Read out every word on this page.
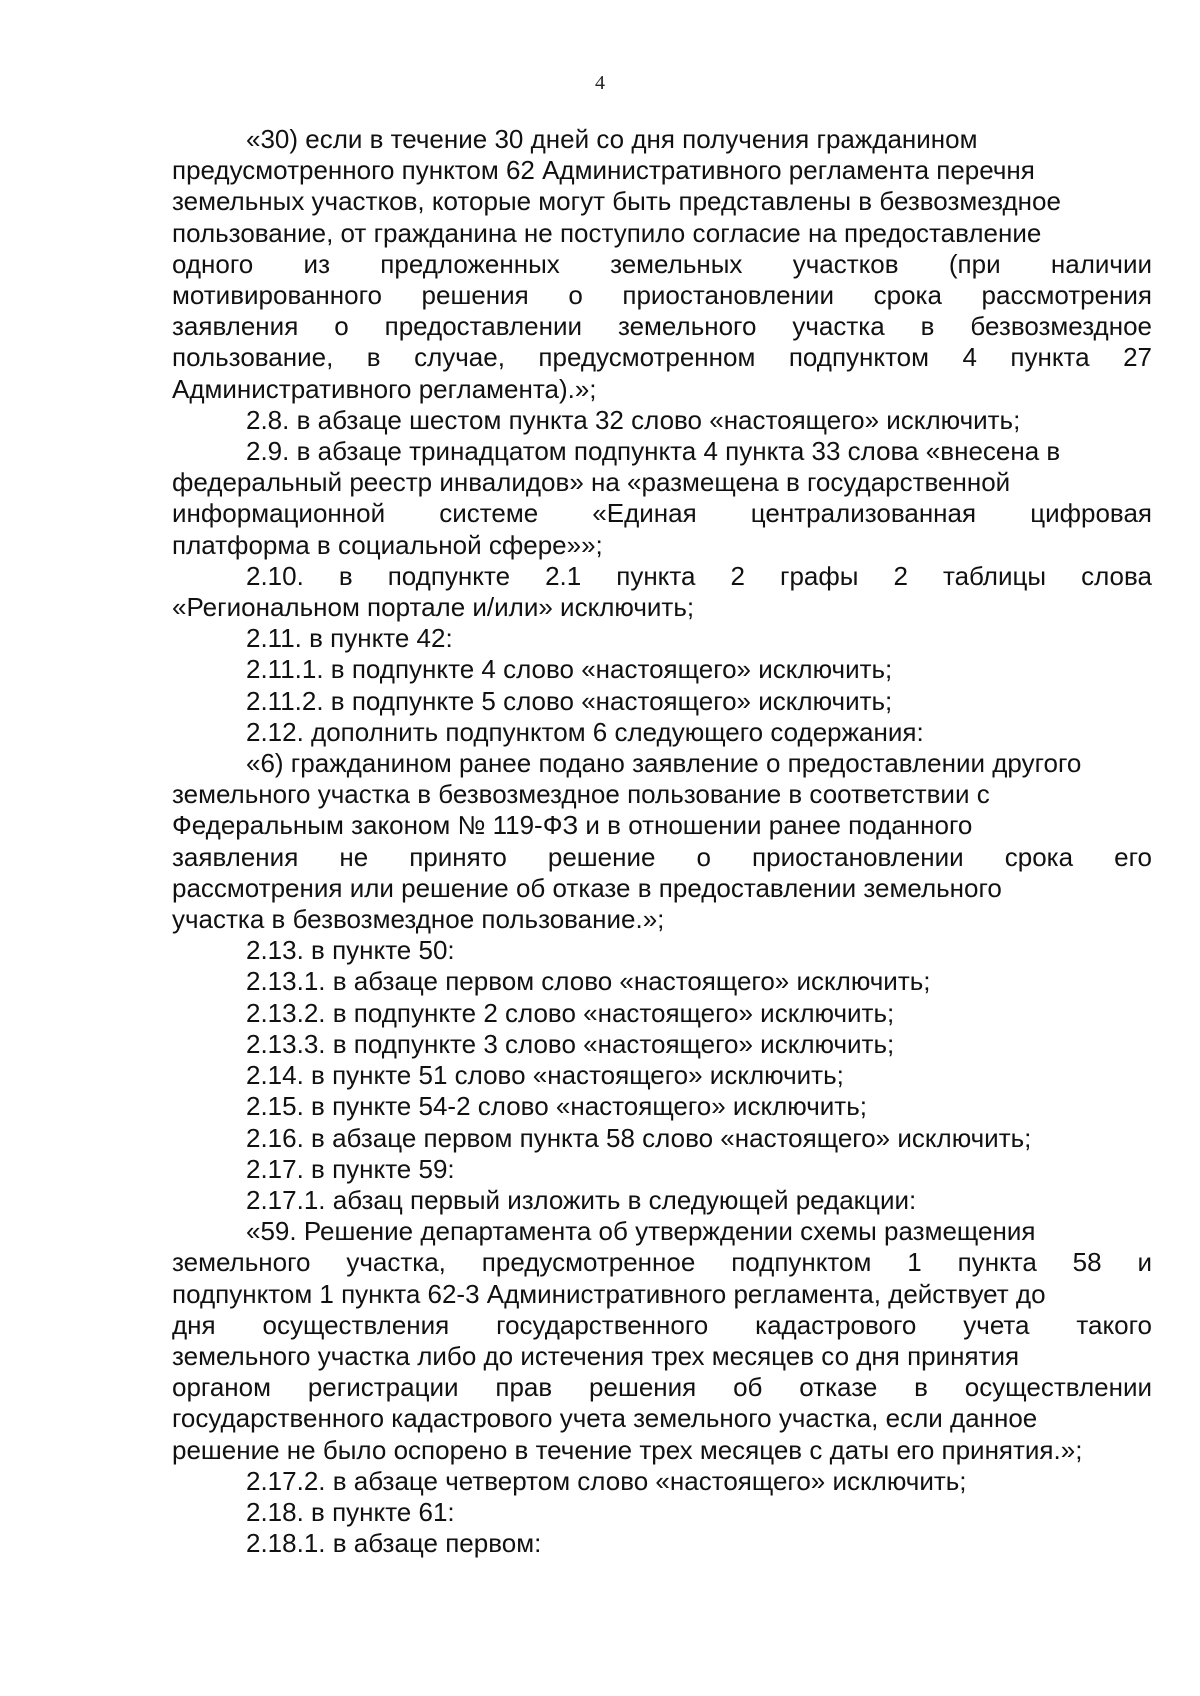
4

«30) если в течение 30 дней со дня получения гражданином
предусмотренного пунктом 62 Административного регламента перечня
земельных участков, которые могут быть представлены в безвозмездное
пользование, от гражданина не поступило согласие на предоставление
одного из предложенных земельных участков (при наличии
мотивированного решения о приостановлении срока рассмотрения
заявления о предоставлении земельного участка в безвозмездное
пользование, в случае, предусмотренном подпунктом 4 пункта 27
Административного регламента).»;

2.8. в абзаце шестом пункта 32 слово «настоящего» исключить;

2.9. в абзаце тринадцатом подпункта 4 пункта 33 слова «внесена в
федеральный реестр инвалидов» на «размещена в государственной
информационной системе «Единая централизованная цифровая
платформа в социальной сфере»»;

2.10. в подпункте 2.1 пункта 2 графы 2 таблицы слова
«Региональном портале и/или» исключить;

2.11. в пункте 42:

2.11.1. в подпункте 4 слово «настоящего» исключить;

2.11.2. в подпункте 5 слово «настоящего» исключить;

2.12. дополнить подпунктом 6 следующего содержания:

«6) гражданином ранее подано заявление о предоставлении другого
земельного участка в безвозмездное пользование в соответствии с
Федеральным законом № 119-ФЗ и в отношении ранее поданного
заявления не принято решение о приостановлении срока его
рассмотрения или решение об отказе в предоставлении земельного
участка в безвозмездное пользование.»;

2.13. в пункте 50:

2.13.1. в абзаце первом слово «настоящего» исключить;

2.13.2. в подпункте 2 слово «настоящего» исключить;

2.13.3. в подпункте 3 слово «настоящего» исключить;

2.14. в пункте 51 слово «настоящего» исключить;

2.15. в пункте 54-2 слово «настоящего» исключить;

2.16. в абзаце первом пункта 58 слово «настоящего» исключить;

2.17. в пункте 59:

2.17.1. абзац первый изложить в следующей редакции:

«59. Решение департамента об утверждении схемы размещения
земельного участка, предусмотренное подпунктом 1 пункта 58 и
подпунктом 1 пункта 62-3 Административного регламента, действует до
дня осуществления государственного кадастрового учета такого
земельного участка либо до истечения трех месяцев со дня принятия
органом регистрации прав решения об отказе в осуществлении
государственного кадастрового учета земельного участка, если данное
решение не было оспорено в течение трех месяцев с даты его принятия.»;

2.17.2. в абзаце четвертом слово «настоящего» исключить;

2.18. в пункте 61:

2.18.1. в абзаце первом:
